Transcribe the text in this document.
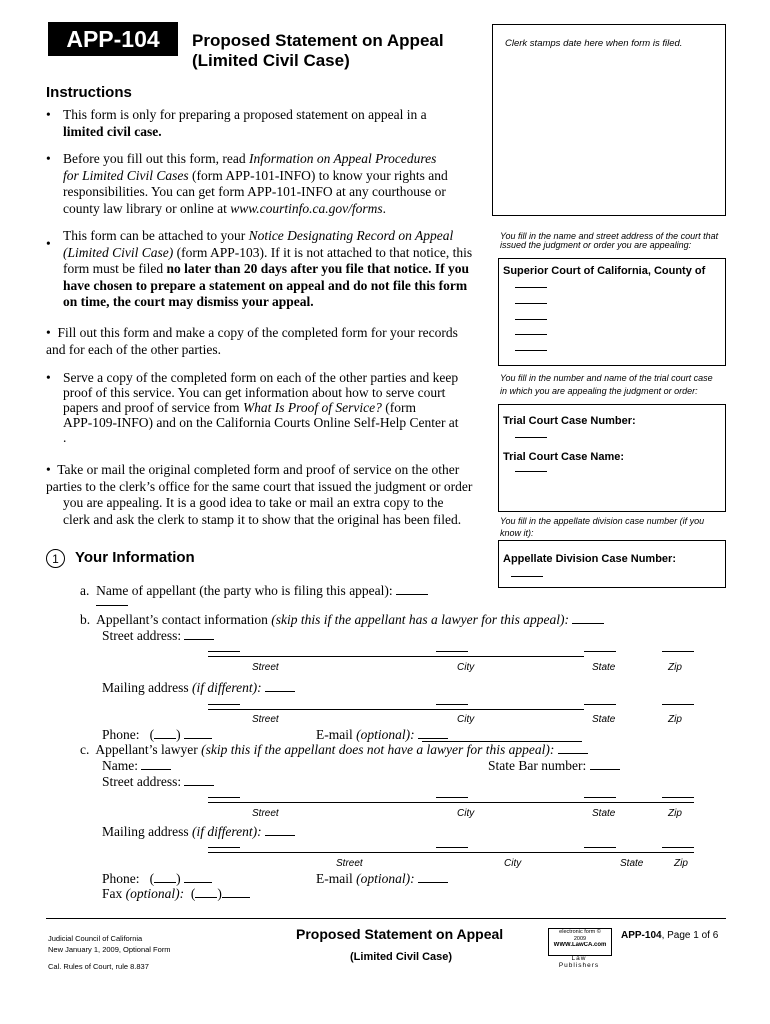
APP-104	Proposed Statement on Appeal
(Limited Civil Case)
Clerk stamps date here when form is filed.
You fill in the name and street address of the court that issued the judgment or order you are appealing:
Superior Court of California, County of
You fill in the number and name of the trial court case in which you are appealing the judgment or order:
Trial Court Case Number:
Trial Court Case Name:
You fill in the appellate division case number (if you know it):
Appellate Division Case Number:
Instructions
• This form is only for preparing a proposed statement on appeal in a
limited civil case.
• Before you fill out this form, read Information on Appeal Procedures
for Limited Civil Cases (form APP-101-INFO) to know your rights and
responsibilities. You can get form APP-101-INFO at any courthouse or
county law library or online at www.courtinfo.ca.gov/forms.
•
This form can be attached to your Notice Designating Record on Appeal
(Limited Civil Case) (form APP-103). If it is not attached to that notice, this
form must be filed no later than 20 days after you file that notice. If you
have chosen to prepare a statement on appeal and do not file this form
on time, the court may dismiss your appeal.
• Fill out this form and make a copy of the completed form for your records
and for each of the other parties.
• Serve a copy of the completed form on each of the other parties and keep
proof of this service. You can get information about how to serve court
papers and proof of service from What Is Proof of Service? (form
APP-109-INFO) and on the California Courts Online Self-Help Center at
.
• Take or mail the original completed form and proof of service on the other
parties to the clerk’s office for the same court that issued the judgment or order
you are appealing. It is a good idea to take or mail an extra copy to the
clerk and ask the clerk to stamp it to show that the original has been filed.
1	Your Information
a. Name of appellant (the party who is filing this appeal):
b. Appellant’s contact information (skip this if the appellant has a lawyer for this appeal):
Street address:
Street	City	State	Zip
Mailing address (if different):
Street	City	State	Zip
Phone: ( )	E-mail (optional):
c. Appellant’s lawyer (skip this if the appellant does not have a lawyer for this appeal):
Name:	State Bar number:
Street address:
Street	City	State	Zip
Mailing address (if different):
Street	City	State	Zip
Phone: ( )	E-mail (optional):
Fax (optional): ( )
Judicial Council of California
New January 1, 2009, Optional Form
Cal. Rules of Court, rule 8.837
Proposed Statement on Appeal
(Limited Civil Case)
electronic form ©
2009
WWW.LawCA.com
Law
Publishers
APP-104, Page 1 of 6
